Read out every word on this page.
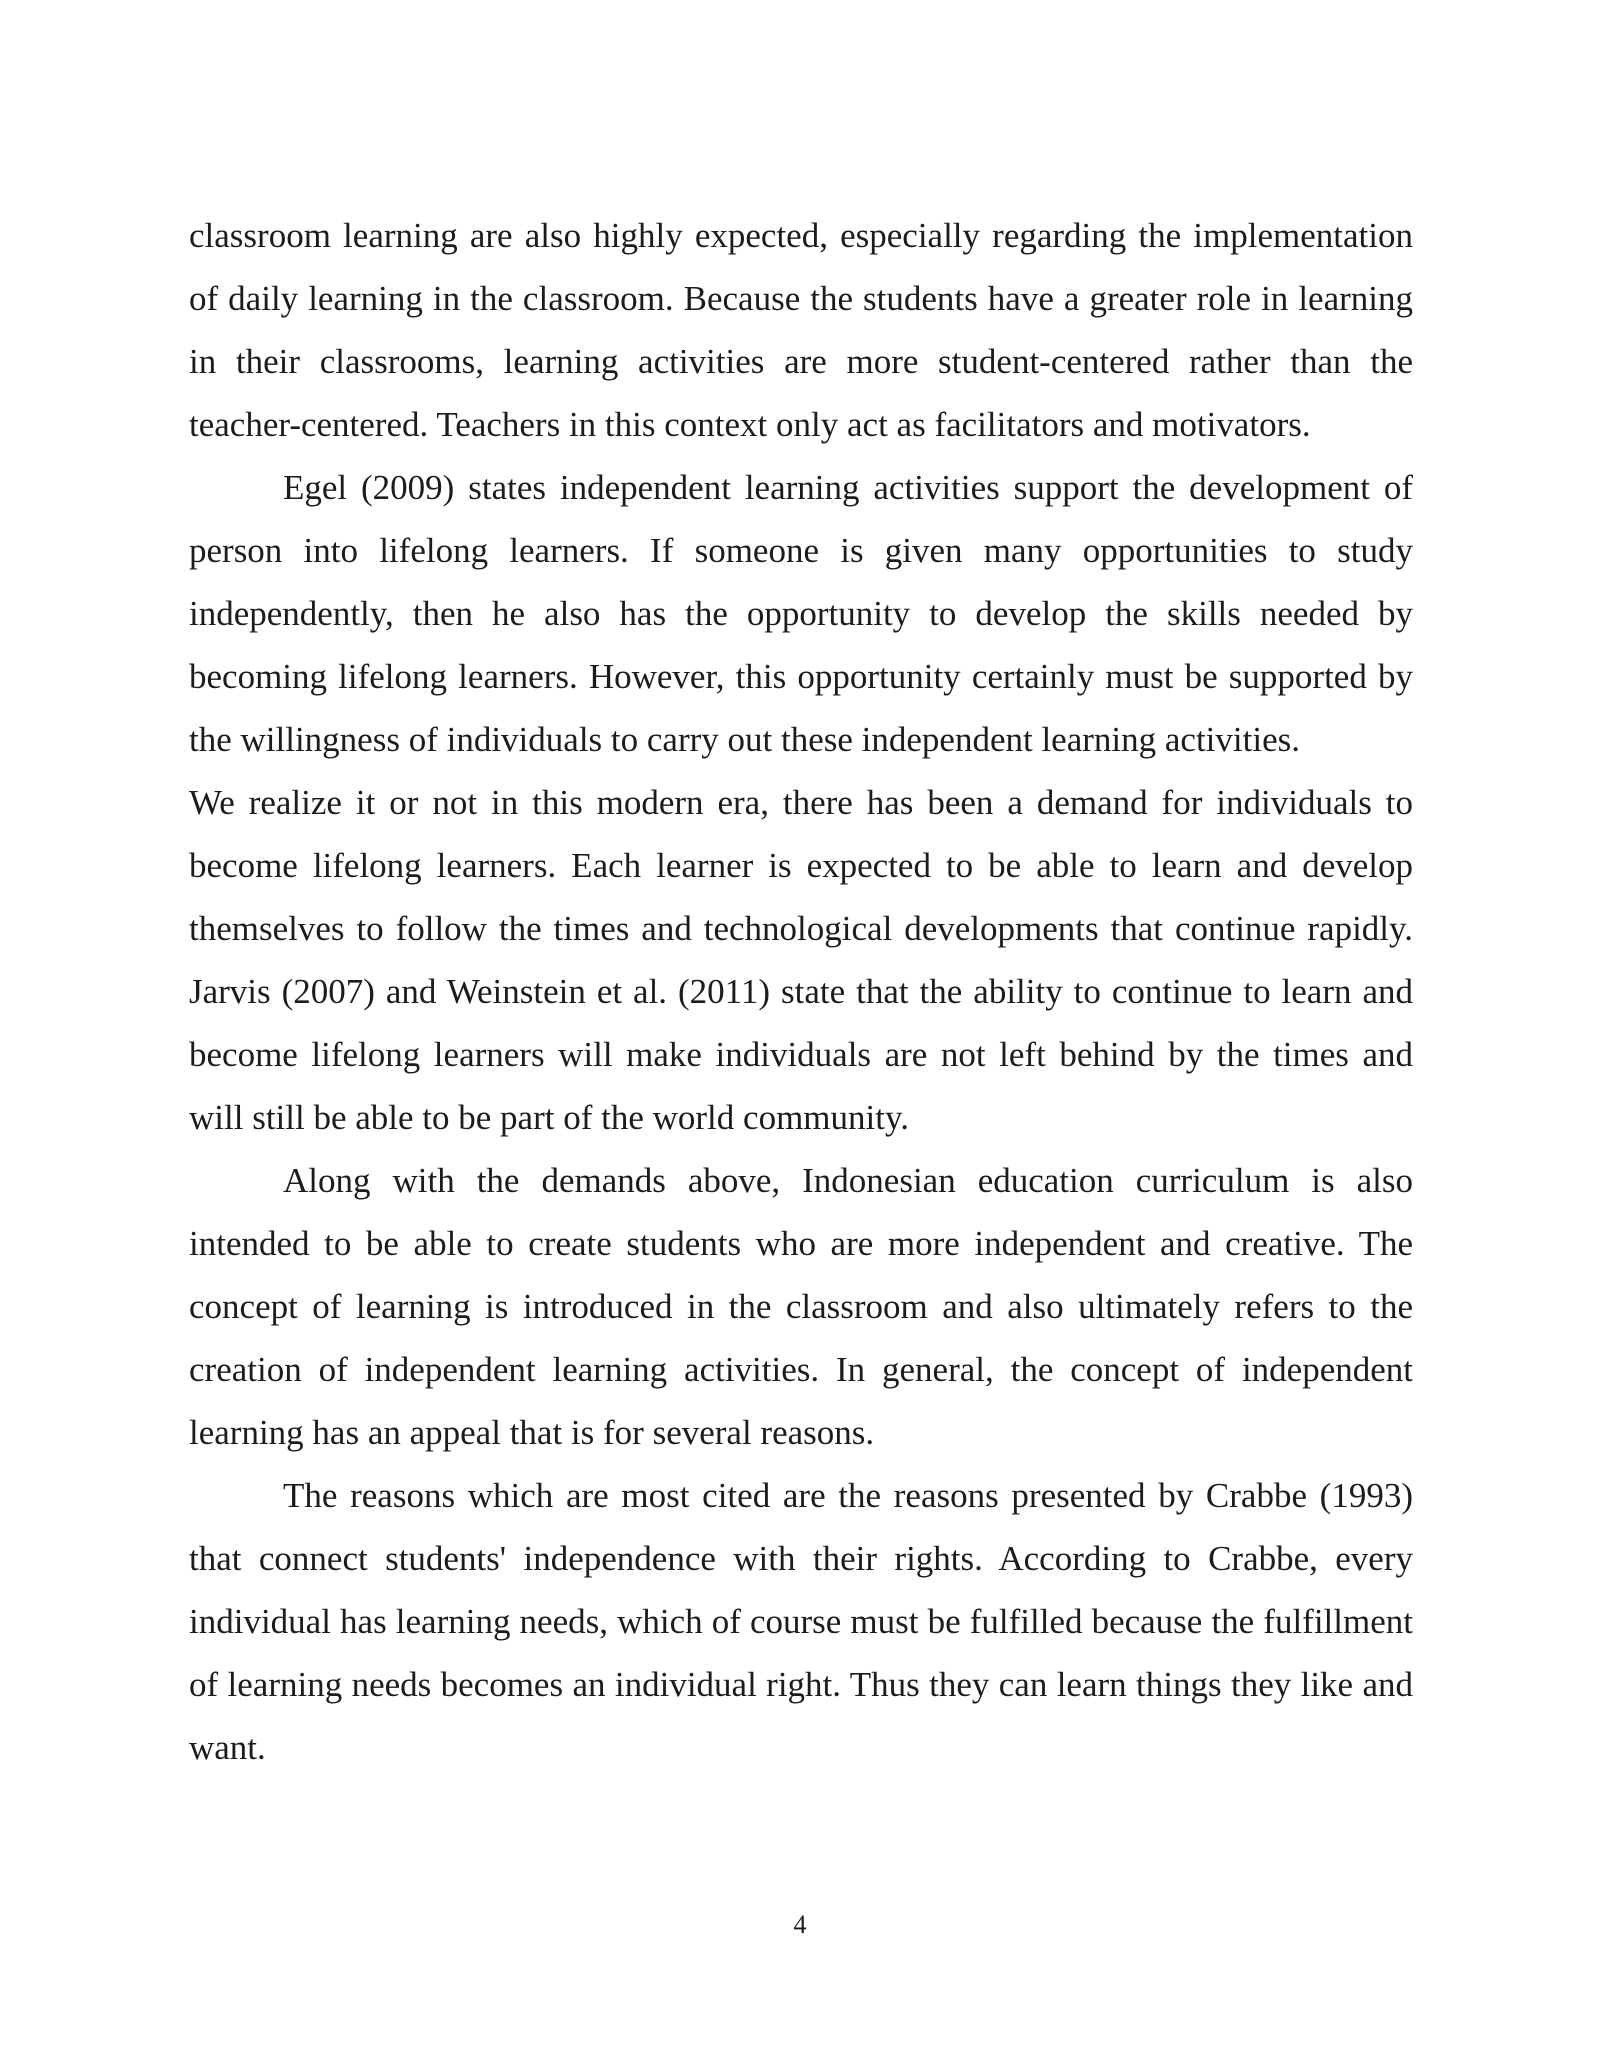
classroom learning are also highly expected, especially regarding the implementation of daily learning in the classroom. Because the students have a greater role in learning in their classrooms, learning activities are more student-centered rather than the teacher-centered. Teachers in this context only act as facilitators and motivators.

Egel (2009) states independent learning activities support the development of person into lifelong learners. If someone is given many opportunities to study independently, then he also has the opportunity to develop the skills needed by becoming lifelong learners. However, this opportunity certainly must be supported by the willingness of individuals to carry out these independent learning activities.

We realize it or not in this modern era, there has been a demand for individuals to become lifelong learners. Each learner is expected to be able to learn and develop themselves to follow the times and technological developments that continue rapidly. Jarvis (2007) and Weinstein et al. (2011) state that the ability to continue to learn and become lifelong learners will make individuals are not left behind by the times and will still be able to be part of the world community.

Along with the demands above, Indonesian education curriculum is also intended to be able to create students who are more independent and creative. The concept of learning is introduced in the classroom and also ultimately refers to the creation of independent learning activities. In general, the concept of independent learning has an appeal that is for several reasons.

The reasons which are most cited are the reasons presented by Crabbe (1993) that connect students' independence with their rights. According to Crabbe, every individual has learning needs, which of course must be fulfilled because the fulfillment of learning needs becomes an individual right. Thus they can learn things they like and want.

4
